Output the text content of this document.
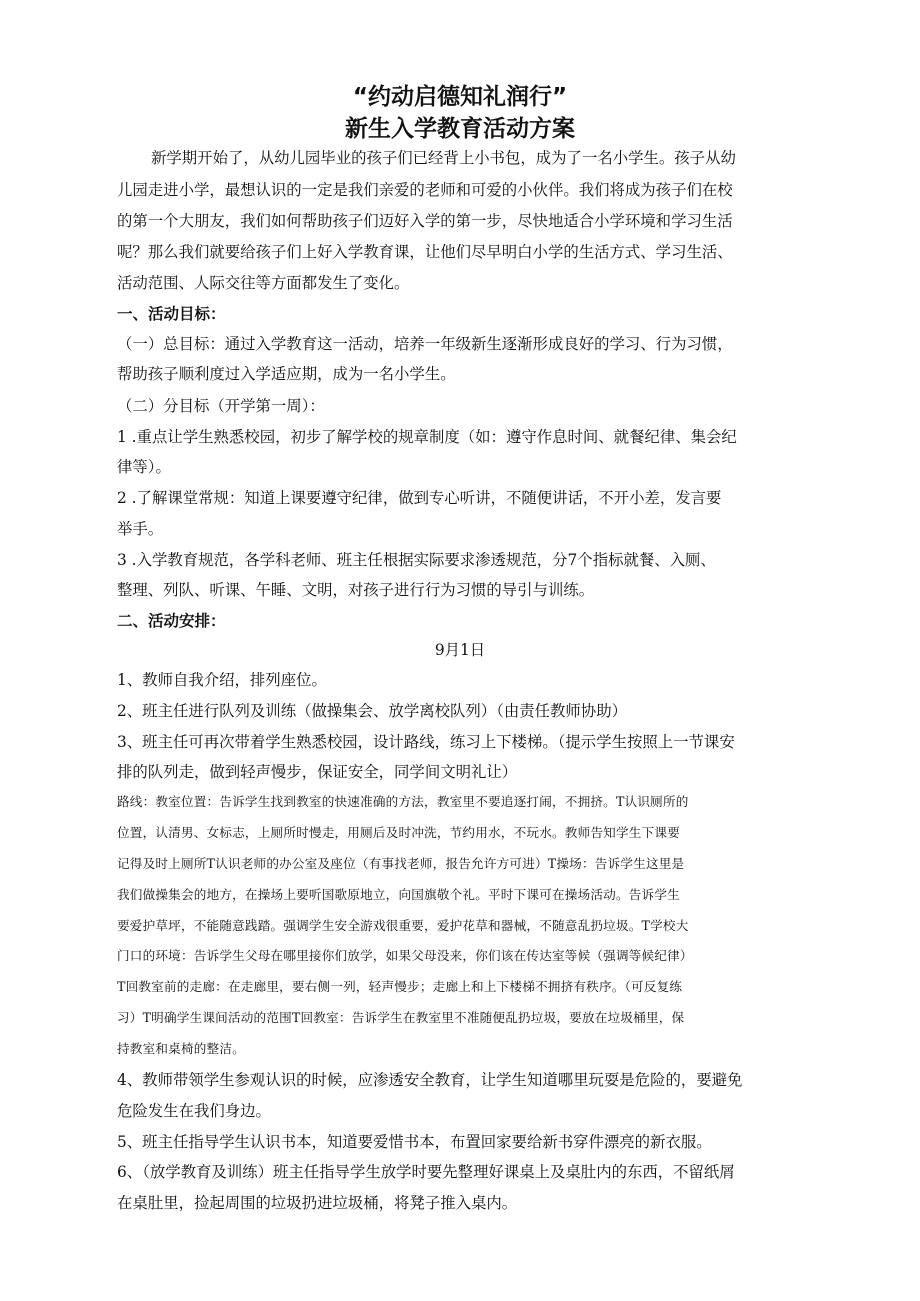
“约动启德知礼润行”
新生入学教育活动方案
新学期开始了，从幼儿园毕业的孩子们已经背上小书包，成为了一名小学生。孩子从幼
儿园走进小学，最想认识的一定是我们亲爱的老师和可爱的小伙伴。我们将成为孩子们在校
的第一个大朋友，我们如何帮助孩子们迈好入学的第一步，尽快地适合小学环境和学习生活
呢？那么我们就要给孩子们上好入学教育课，让他们尽早明白小学的生活方式、学习生活、
活动范围、人际交往等方面都发生了变化。
一、活动目标：
（一）总目标：通过入学教育这一活动，培养一年级新生逐渐形成良好的学习、行为习惯，
帮助孩子顺利度过入学适应期，成为一名小学生。
（二）分目标（开学第一周）：
1 .重点让学生熟悉校园，初步了解学校的规章制度（如：遵守作息时间、就餐纪律、集会纪
律等）。
2 .了解课堂常规：知道上课要遵守纪律，做到专心听讲，不随便讲话，不开小差，发言要
举手。
3 .入学教育规范，各学科老师、班主任根据实际要求渗透规范，分7个指标就餐、入厕、
整理、列队、听课、午睡、文明，对孩子进行行为习惯的导引与训练。
二、活动安排：
9月1日
1、教师自我介绍，排列座位。
2、班主任进行队列及训练（做操集会、放学离校队列）（由责任教师协助）
3、班主任可再次带着学生熟悉校园，设计路线，练习上下楼梯。（提示学生按照上一节课安
排的队列走，做到轻声慢步，保证安全，同学间文明礼让）
路线：教室位置：告诉学生找到教室的快速准确的方法，教室里不要追逐打闹，不拥挤。T认识厕所的
位置，认清男、女标志，上厕所时慢走，用厕后及时冲洗，节约用水，不玩水。教师告知学生下课要
记得及时上厕所T认识老师的办公室及座位（有事找老师，报告允许方可进）T操场：告诉学生这里是
我们做操集会的地方，在操场上要听国歌原地立，向国旗敬个礼。平时下课可在操场活动。告诉学生
要爱护草坪，不能随意践踏。强调学生安全游戏很重要，爱护花草和器械，不随意乱扔垃圾。T学校大
门口的环境：告诉学生父母在哪里接你们放学，如果父母没来，你们该在传达室等候（强调等候纪律）
T回教室前的走廊：在走廊里，要右侧一列，轻声慢步；走廊上和上下楼梯不拥挤有秩序。（可反复练
习）T明确学生课间活动的范围T回教室：告诉学生在教室里不准随便乱扔垃圾，要放在垃圾桶里，保
持教室和桌椅的整洁。
4、教师带领学生参观认识的时候，应渗透安全教育，让学生知道哪里玩耍是危险的，要避免
危险发生在我们身边。
5、班主任指导学生认识书本，知道要爱惜书本，布置回家要给新书穿件漂亮的新衣服。
6、（放学教育及训练）班主任指导学生放学时要先整理好课桌上及桌肚内的东西，不留纸屑
在桌肚里，捡起周围的垃圾扔进垃圾桶，将凳子推入桌内。
